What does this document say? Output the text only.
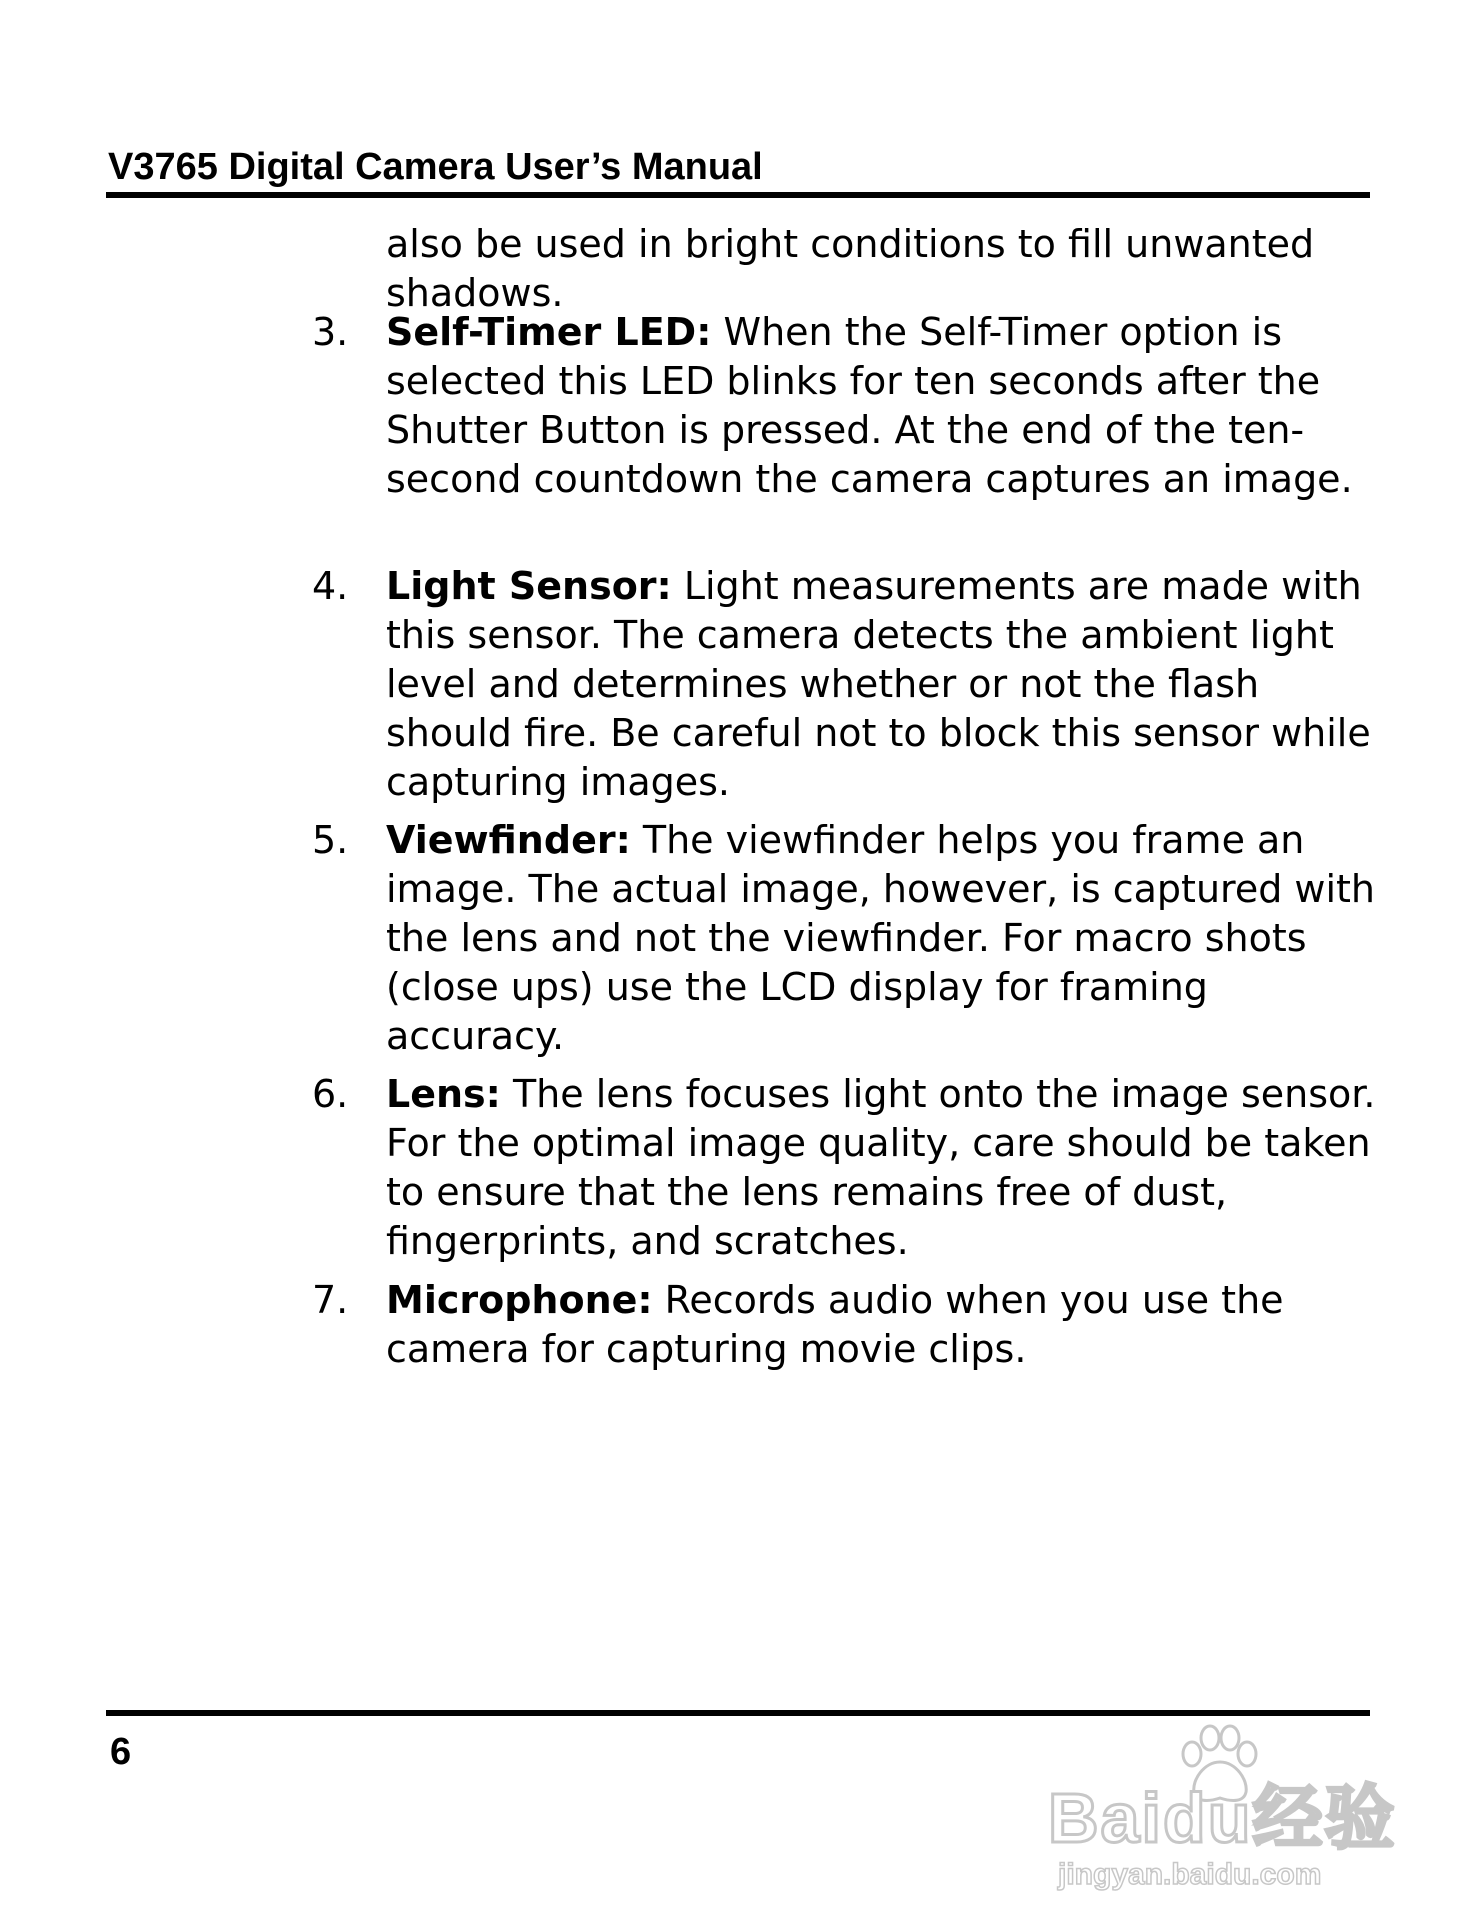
V3765 Digital Camera User’s Manual
also be used in bright conditions to fill unwanted shadows.
3. Self-Timer LED: When the Self-Timer option is selected this LED blinks for ten seconds after the Shutter Button is pressed. At the end of the ten-second countdown the camera captures an image.
4. Light Sensor: Light measurements are made with this sensor. The camera detects the ambient light level and determines whether or not the flash should fire. Be careful not to block this sensor while capturing images.
5. Viewfinder: The viewfinder helps you frame an image. The actual image, however, is captured with the lens and not the viewfinder. For macro shots (close ups) use the LCD display for framing accuracy.
6. Lens: The lens focuses light onto the image sensor. For the optimal image quality, care should be taken to ensure that the lens remains free of dust, fingerprints, and scratches.
7. Microphone: Records audio when you use the camera for capturing movie clips.
6
Baidu经验
jingyan.baidu.com
